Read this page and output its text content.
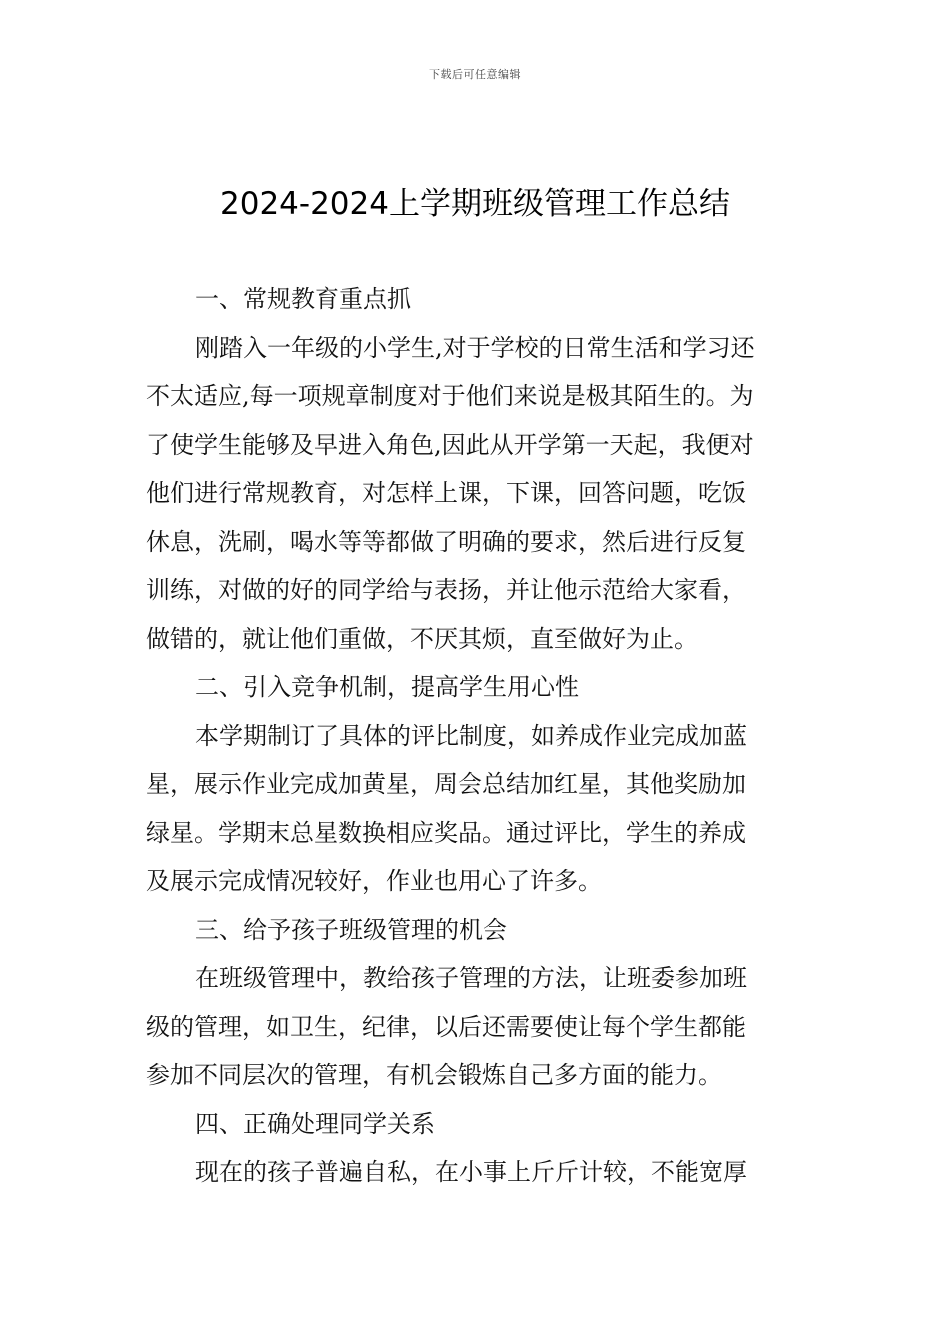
下载后可任意编辑
2024-2024上学期班级管理工作总结
一、常规教育重点抓
刚踏入一年级的小学生,对于学校的日常生活和学习还
不太适应,每一项规章制度对于他们来说是极其陌生的。为
了使学生能够及早进入角色,因此从开学第一天起，我便对
他们进行常规教育，对怎样上课，下课，回答问题，吃饭
休息，洗刷，喝水等等都做了明确的要求，然后进行反复
训练，对做的好的同学给与表扬，并让他示范给大家看，
做错的，就让他们重做，不厌其烦，直至做好为止。
二、引入竞争机制，提高学生用心性
本学期制订了具体的评比制度，如养成作业完成加蓝
星，展示作业完成加黄星，周会总结加红星，其他奖励加
绿星。学期末总星数换相应奖品。通过评比，学生的养成
及展示完成情况较好，作业也用心了许多。
三、给予孩子班级管理的机会
在班级管理中，教给孩子管理的方法，让班委参加班
级的管理，如卫生，纪律，以后还需要使让每个学生都能
参加不同层次的管理，有机会锻炼自己多方面的能力。
四、正确处理同学关系
现在的孩子普遍自私，在小事上斤斤计较，不能宽厚
